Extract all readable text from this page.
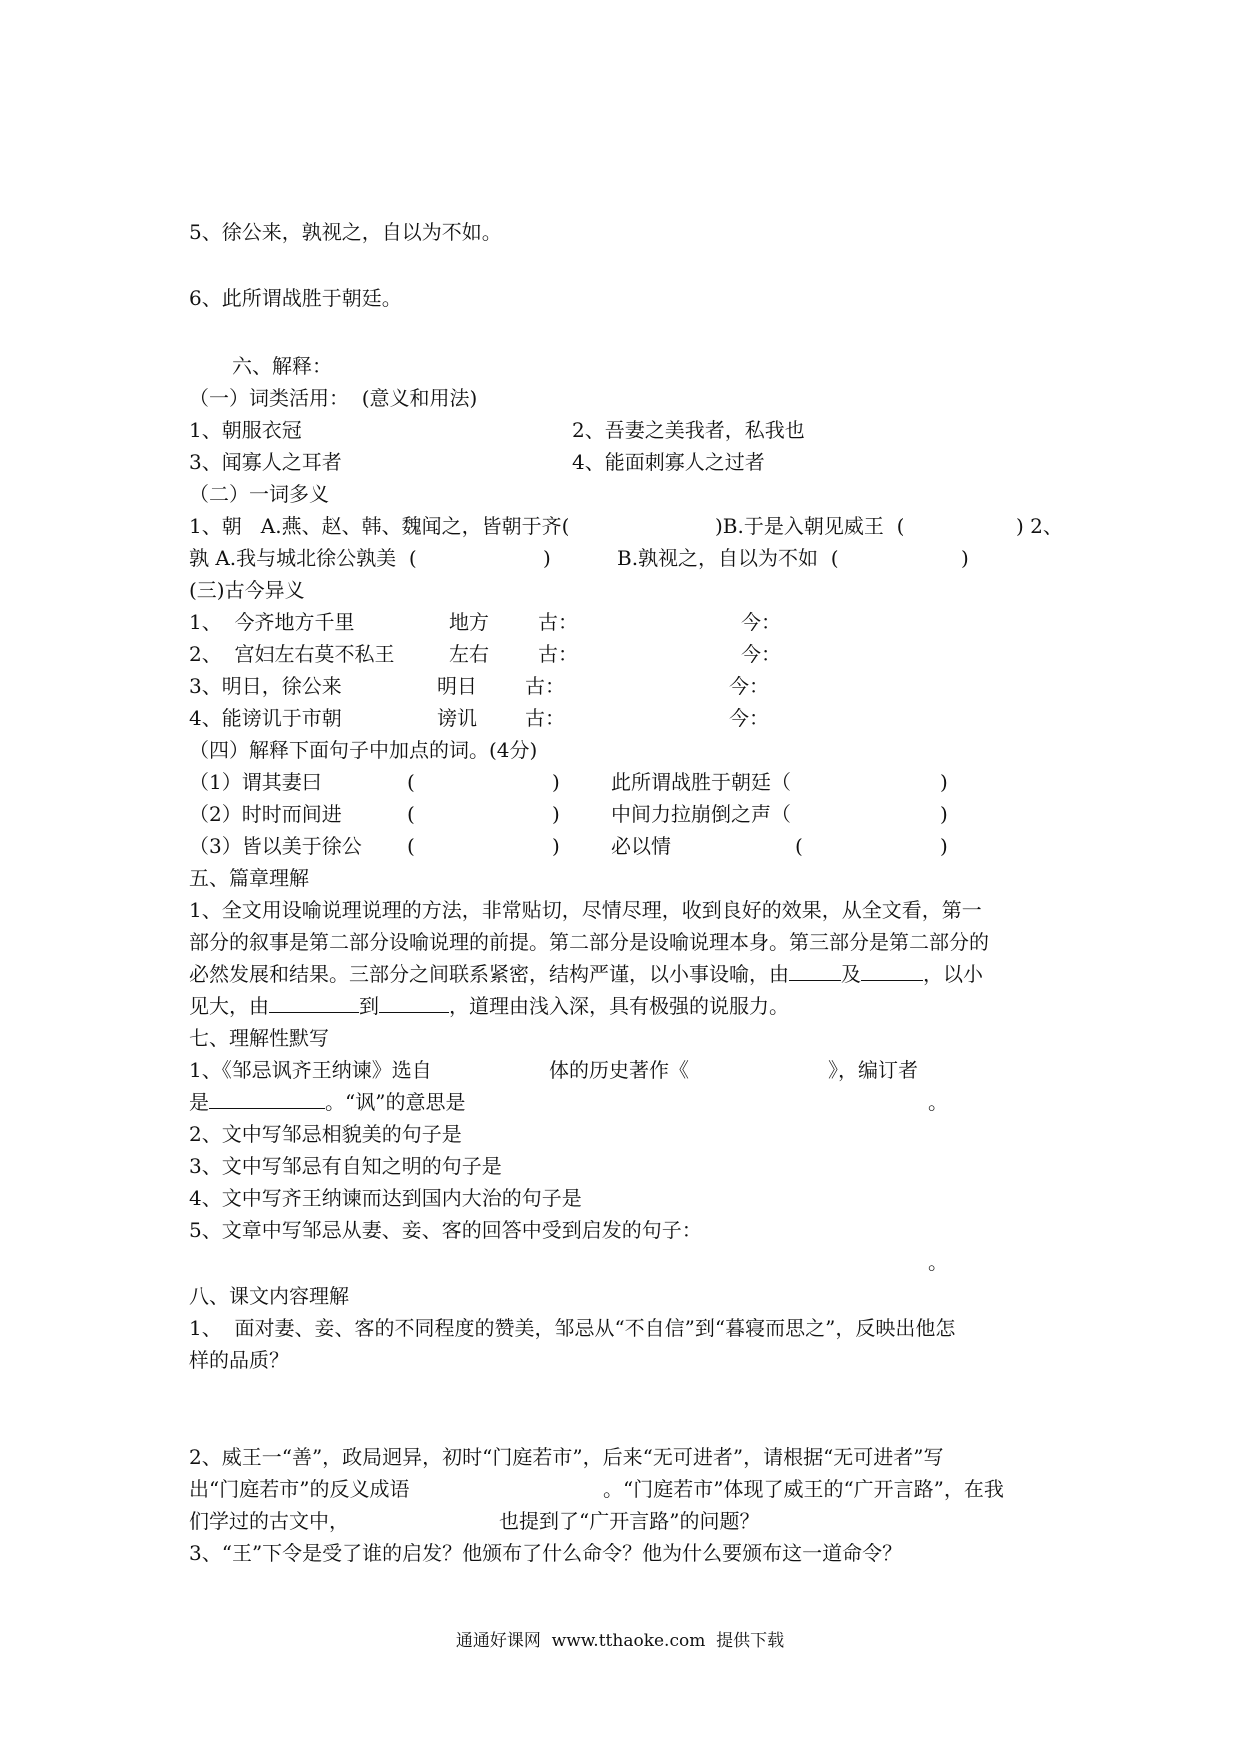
5、徐公来，孰视之，自以为不如。
6、此所谓战胜于朝廷。
六、解释：
（一）词类活用：  (意义和用法)
1、朝服衣冠	2、吾妻之美我者，私我也
3、闻寡人之耳者	4、能面刺寡人之过者
（二）一词多义
1、朝   A.燕、赵、韩、魏闻之，皆朝于齐(	)B.于是入朝见威王  (	) 2、
孰 A.我与城北徐公孰美  (	)	B.孰视之，自以为不如  (	)
(三)古今异义
1、  今齐地方千里	地方 古：	今：
2、  宫妇左右莫不私王	左右 古：	今：
3、明日，徐公来	明日 古：	今：
4、能谤讥于市朝	谤讥 古：	今：
（四）解释下面句子中加点的词。(4分)
（1）谓其妻曰	(	)	此所谓战胜于朝廷（	)
（2）时时而间进	(	)	中间力拉崩倒之声（	)
（3）皆以美于徐公 (	)	必以情	(	)
五、篇章理解
1、全文用设喻说理说理的方法，非常贴切，尽情尽理，收到良好的效果，从全文看，第一
部分的叙事是第二部分设喻说理的前提。第二部分是设喻说理本身。第三部分是第二部分的
必然发展和结果。三部分之间联系紧密，结构严谨，以小事设喻，由	及	，以小
见大，由	到	，道理由浅入深，具有极强的说服力。
七、理解性默写
1、《邹忌讽齐王纳谏》选自	体的历史著作《	》，编订者
是	。“讽”的意思是	。
2、文中写邹忌相貌美的句子是
3、文中写邹忌有自知之明的句子是
4、文中写齐王纳谏而达到国内大治的句子是
5、文章中写邹忌从妻、妾、客的回答中受到启发的句子：
。
八、课文内容理解
1、  面对妻、妾、客的不同程度的赞美，邹忌从“不自信”到“暮寝而思之”，反映出他怎
样的品质？
2、威王一“善”，政局迥异，初时“门庭若市”，后来“无可进者”，请根据“无可进者”写
出“门庭若市”的反义成语	。“门庭若市”体现了威王的“广开言路”，在我
们学过的古文中，	也提到了“广开言路”的问题？
3、“王”下令是受了谁的启发？他颁布了什么命令？他为什么要颁布这一道命令？
通通好课网  www.tthaoke.com  提供下载
